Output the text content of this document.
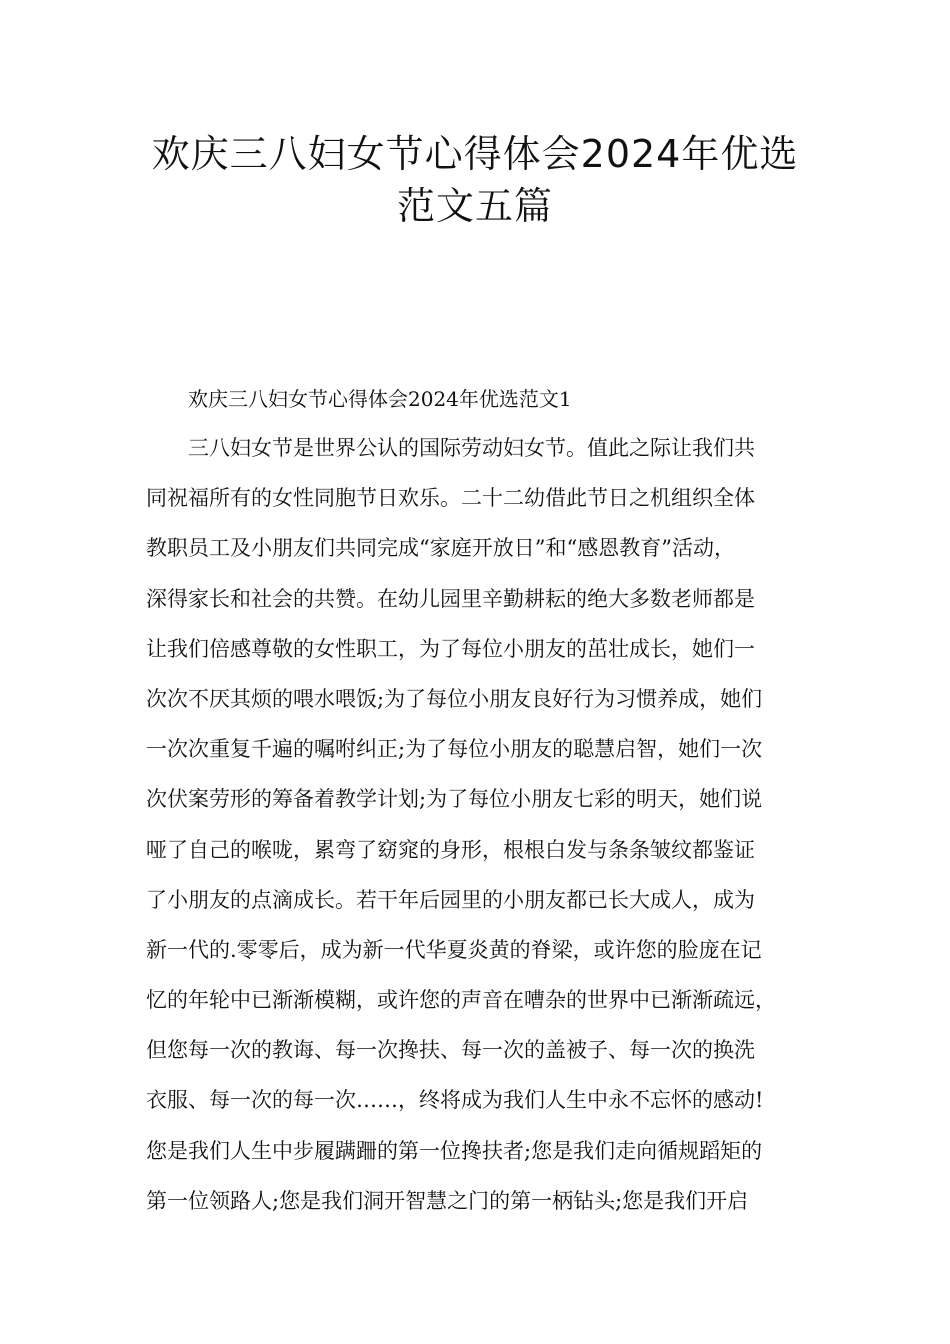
欢庆三八妇女节心得体会2024年优选
范文五篇
欢庆三八妇女节心得体会2024年优选范文1
三八妇女节是世界公认的国际劳动妇女节。值此之际让我们共
同祝福所有的女性同胞节日欢乐。二十二幼借此节日之机组织全体
教职员工及小朋友们共同完成“家庭开放日”和“感恩教育”活动，
深得家长和社会的共赞。在幼儿园里辛勤耕耘的绝大多数老师都是
让我们倍感尊敬的女性职工，为了每位小朋友的茁壮成长，她们一
次次不厌其烦的喂水喂饭;为了每位小朋友良好行为习惯养成，她们
一次次重复千遍的嘱咐纠正;为了每位小朋友的聪慧启智，她们一次
次伏案劳形的筹备着教学计划;为了每位小朋友七彩的明天，她们说
哑了自己的喉咙，累弯了窈窕的身形，根根白发与条条皱纹都鉴证
了小朋友的点滴成长。若干年后园里的小朋友都已长大成人，成为
新一代的.零零后，成为新一代华夏炎黄的脊梁，或许您的脸庞在记
忆的年轮中已渐渐模糊，或许您的声音在嘈杂的世界中已渐渐疏远，
但您每一次的教诲、每一次搀扶、每一次的盖被子、每一次的换洗
衣服、每一次的每一次……，终将成为我们人生中永不忘怀的感动!
您是我们人生中步履蹒跚的第一位搀扶者;您是我们走向循规蹈矩的
第一位领路人;您是我们洞开智慧之门的第一柄钻头;您是我们开启
